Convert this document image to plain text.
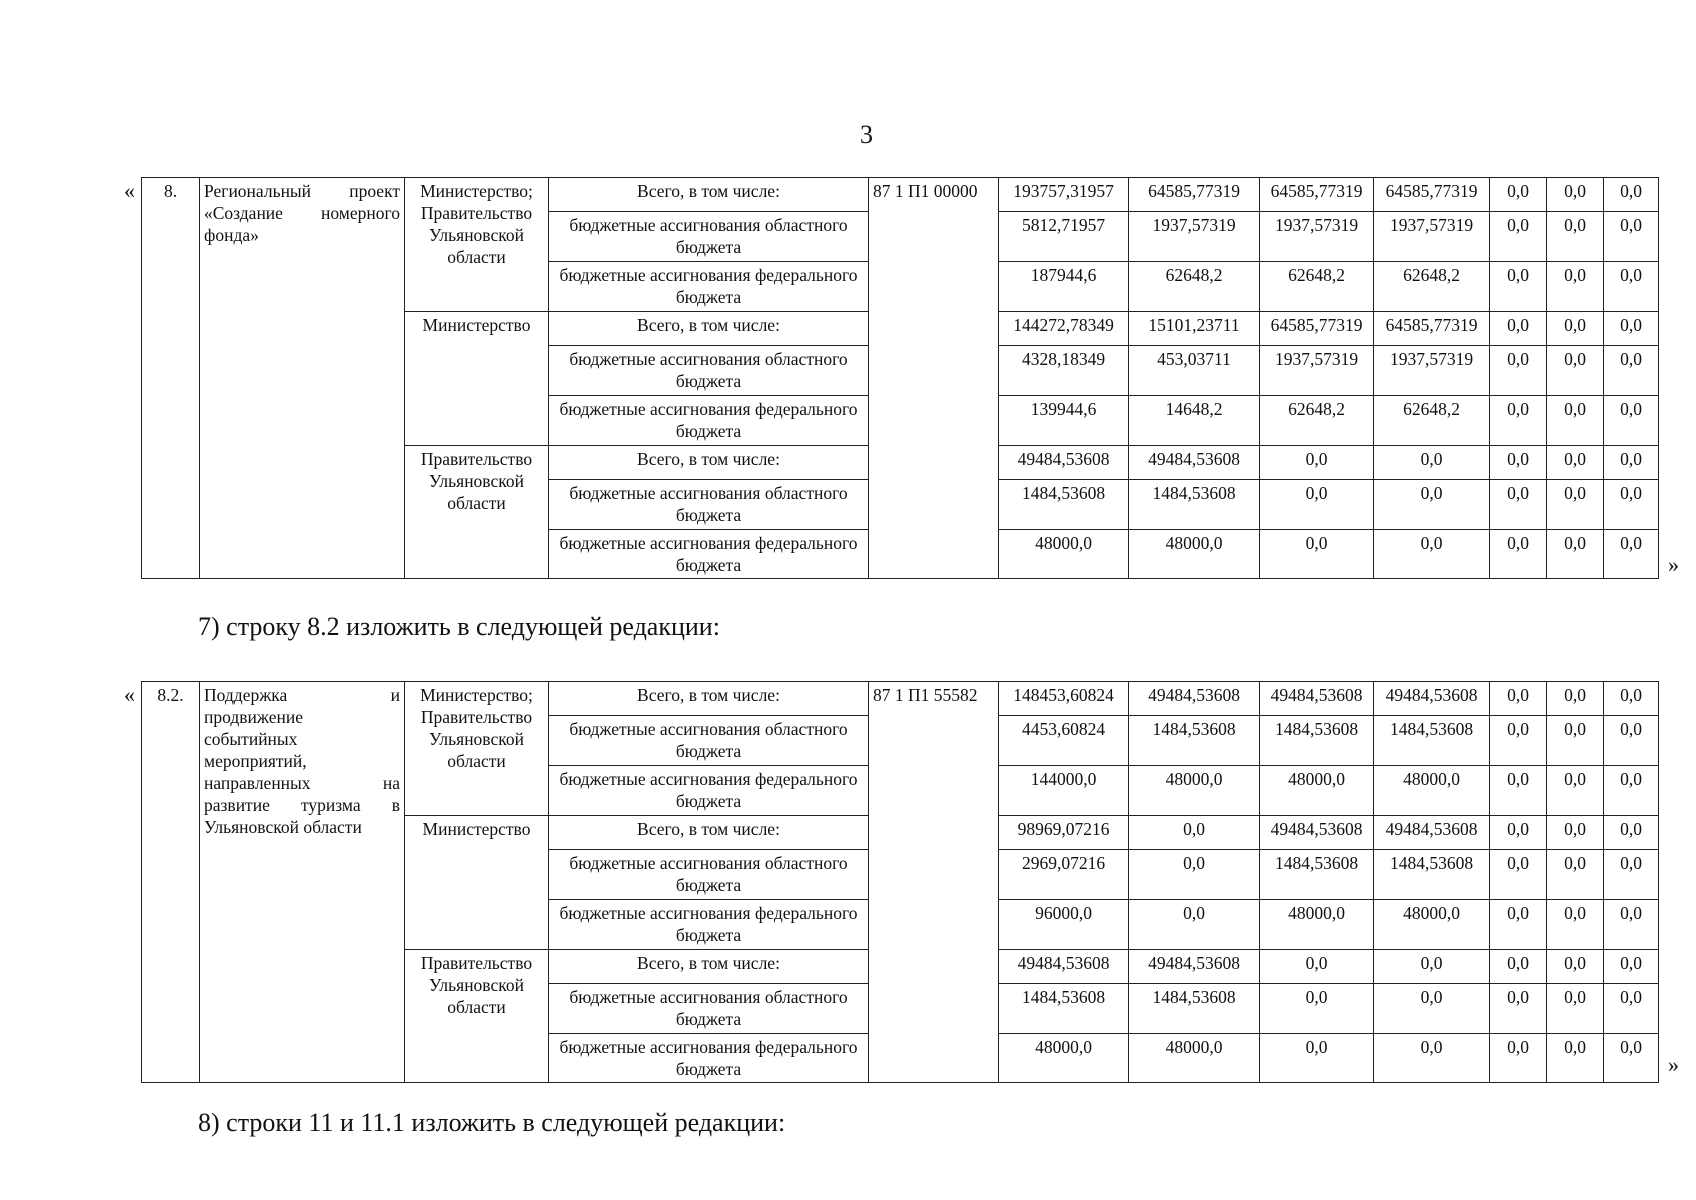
3
« 8.	Региональный проект «Создание номерного фонда»	Министерство; Правительство Ульяновской области	Всего, в том числе:	87 1 П1 00000	193757,31957	64585,77319	64585,77319	64585,77319	0,0	0,0	0,0
			бюджетные ассигнования областного бюджета		5812,71957	1937,57319	1937,57319	1937,57319	0,0	0,0	0,0
			бюджетные ассигнования федерального бюджета		187944,6	62648,2	62648,2	62648,2	0,0	0,0	0,0
		Министерство	Всего, в том числе:		144272,78349	15101,23711	64585,77319	64585,77319	0,0	0,0	0,0
			бюджетные ассигнования областного бюджета		4328,18349	453,03711	1937,57319	1937,57319	0,0	0,0	0,0
			бюджетные ассигнования федерального бюджета		139944,6	14648,2	62648,2	62648,2	0,0	0,0	0,0
		Правительство Ульяновской области	Всего, в том числе:		49484,53608	49484,53608	0,0	0,0	0,0	0,0	0,0
			бюджетные ассигнования областного бюджета		1484,53608	1484,53608	0,0	0,0	0,0	0,0	0,0
			бюджетные ассигнования федерального бюджета		48000,0	48000,0	0,0	0,0	0,0	0,0	0,0
»
7) строку 8.2 изложить в следующей редакции:
« 8.2.	Поддержка и продвижение событийных мероприятий, направленных на развитие туризма в Ульяновской области	Министерство; Правительство Ульяновской области	Всего, в том числе:	87 1 П1 55582	148453,60824	49484,53608	49484,53608	49484,53608	0,0	0,0	0,0
			бюджетные ассигнования областного бюджета		4453,60824	1484,53608	1484,53608	1484,53608	0,0	0,0	0,0
			бюджетные ассигнования федерального бюджета		144000,0	48000,0	48000,0	48000,0	0,0	0,0	0,0
		Министерство	Всего, в том числе:		98969,07216	0,0	49484,53608	49484,53608	0,0	0,0	0,0
			бюджетные ассигнования областного бюджета		2969,07216	0,0	1484,53608	1484,53608	0,0	0,0	0,0
			бюджетные ассигнования федерального бюджета		96000,0	0,0	48000,0	48000,0	0,0	0,0	0,0
		Правительство Ульяновской области	Всего, в том числе:		49484,53608	49484,53608	0,0	0,0	0,0	0,0	0,0
			бюджетные ассигнования областного бюджета		1484,53608	1484,53608	0,0	0,0	0,0	0,0	0,0
			бюджетные ассигнования федерального бюджета		48000,0	48000,0	0,0	0,0	0,0	0,0	0,0
»
8) строки 11 и 11.1 изложить в следующей редакции:
